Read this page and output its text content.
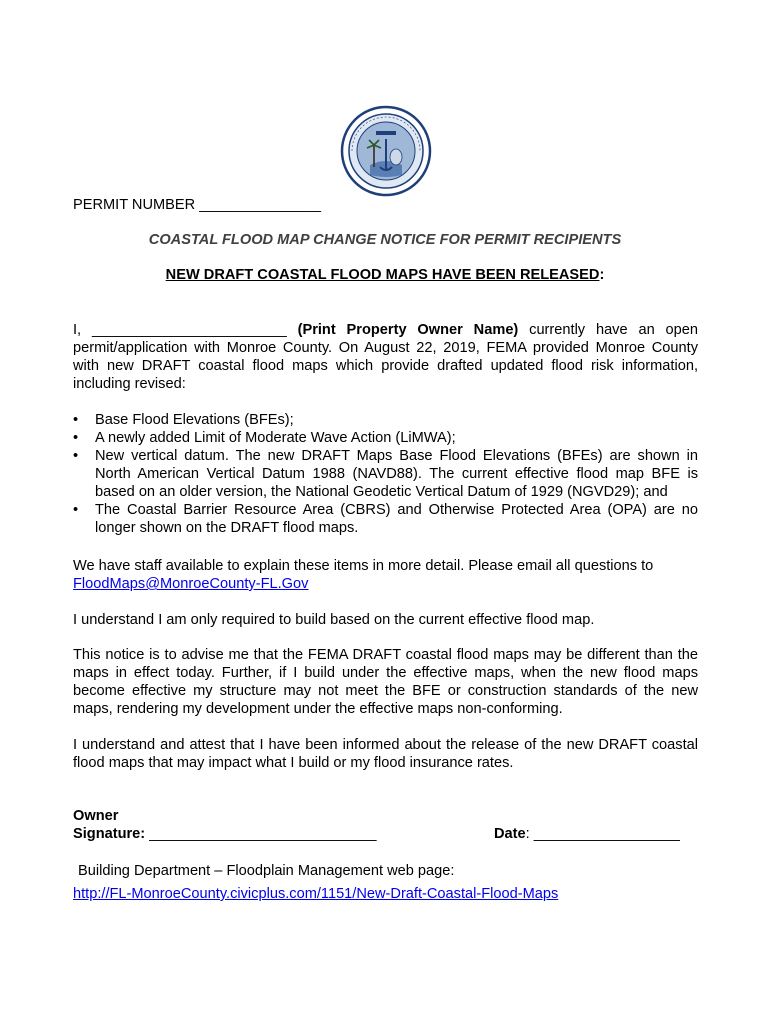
PERMIT NUMBER _______________
COASTAL FLOOD MAP CHANGE NOTICE FOR PERMIT RECIPIENTS
NEW DRAFT COASTAL FLOOD MAPS HAVE BEEN RELEASED:
I, ________________________ (Print Property Owner Name) currently have an open permit/application with Monroe County. On August 22, 2019, FEMA provided Monroe County with new DRAFT coastal flood maps which provide drafted updated flood risk information, including revised:
• Base Flood Elevations (BFEs);
• A newly added Limit of Moderate Wave Action (LiMWA);
• New vertical datum. The new DRAFT Maps Base Flood Elevations (BFEs) are shown in North American Vertical Datum 1988 (NAVD88). The current effective flood map BFE is based on an older version, the National Geodetic Vertical Datum of 1929 (NGVD29); and
• The Coastal Barrier Resource Area (CBRS) and Otherwise Protected Area (OPA) are no longer shown on the DRAFT flood maps.
We have staff available to explain these items in more detail. Please email all questions to
FloodMaps@MonroeCounty-FL.Gov
I understand I am only required to build based on the current effective flood map.
This notice is to advise me that the FEMA DRAFT coastal flood maps may be different than the maps in effect today. Further, if I build under the effective maps, when the new flood maps become effective my structure may not meet the BFE or construction standards of the new maps, rendering my development under the effective maps non-conforming.
I understand and attest that I have been informed about the release of the new DRAFT coastal flood maps that may impact what I build or my flood insurance rates.
Owner
Signature: ____________________________	Date: __________________
Building Department – Floodplain Management web page:
http://FL-MonroeCounty.civicplus.com/1151/New-Draft-Coastal-Flood-Maps
